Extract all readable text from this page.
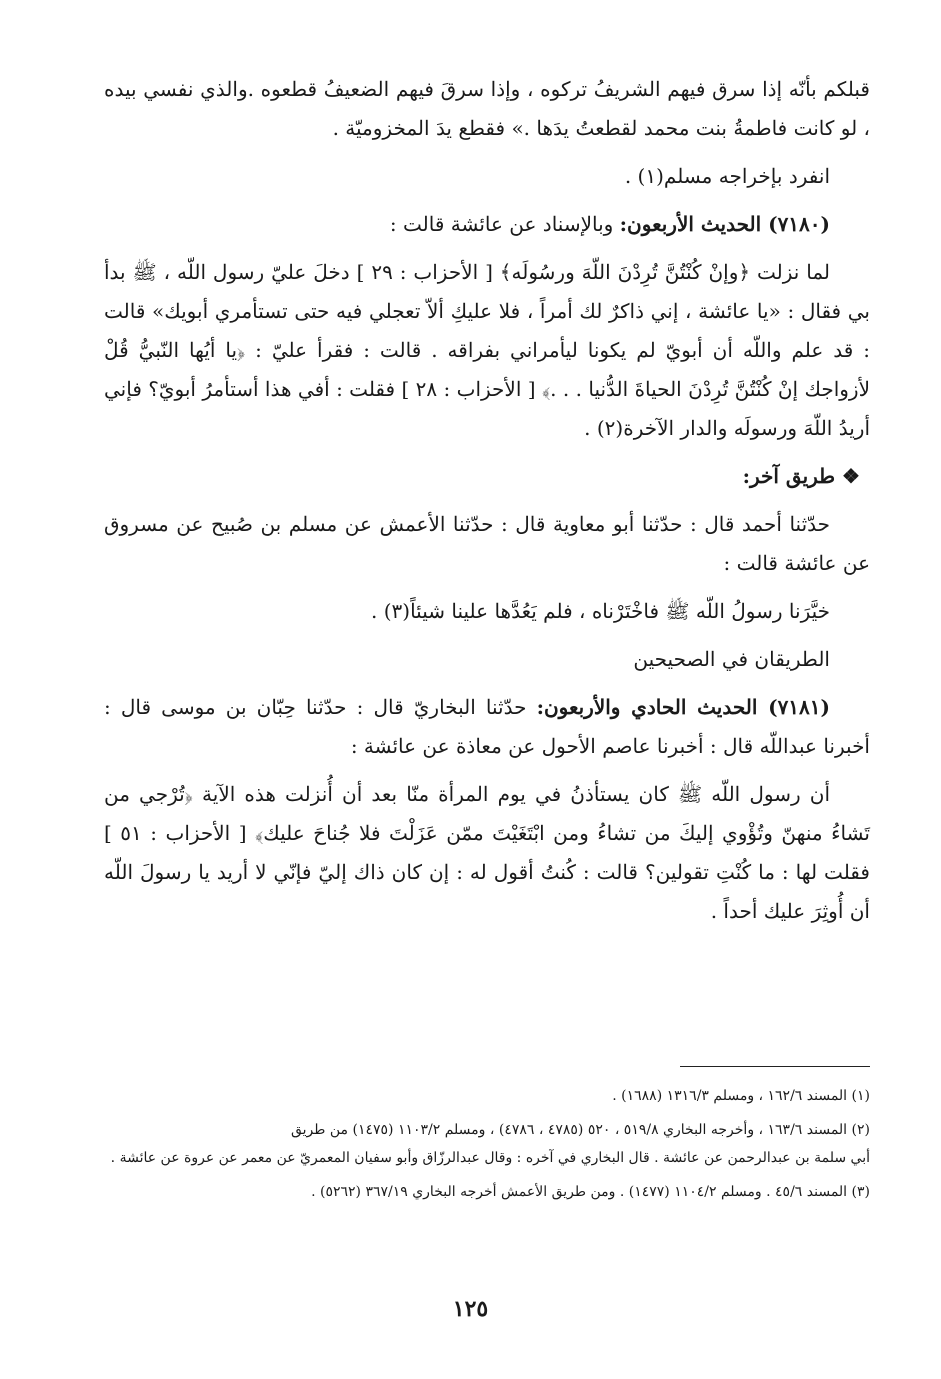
قبلكم بأنّه إذا سرق فيهم الشريفُ تركوه ، وإذا سرقَ فيهم الضعيفُ قطعوه .والذي نفسي بيده ، لو كانت فاطمةُ بنت محمد لقطعتُ يدَها .» فقطع يدَ المخزوميّة .

انفرد بإخراجه مسلم(١) .

(٧١٨٠) الحديث الأربعون: وبالإسناد عن عائشة قالت :

لما نزلت ﴿وإنْ كُنْتُنَّ تُرِدْنَ اللّهَ ورسُولَه﴾ [ الأحزاب : ٢٩ ] دخلَ عليّ رسول اللّه ، ﷺ بدأ بي فقال : «يا عائشة ، إني ذاكرٌ لك أمراً ، فلا عليكِ ألاّ تعجلي فيه حتى تستأمري أبويك» قالت : قد علم واللّه أن أبويّ لم يكونا ليأمراني بفراقه . قالت : فقرأ عليّ : ﴿يا أيُها النّبيُّ قُلْ لأزواجك إنْ كُنْتُنَّ تُرِدْنَ الحياةَ الدُّنيا . . .﴾ [ الأحزاب : ٢٨ ] فقلت : أفي هذا أستأمرُ أبويّ؟ فإني أريدُ اللّهَ ورسولَه والدار الآخرة(٢) .

❖ طريق آخر:

حدّثنا أحمد قال : حدّثنا أبو معاوية قال : حدّثنا الأعمش عن مسلم بن صُبيح عن مسروق عن عائشة قالت :

خيَّرَنا رسولُ اللّه ﷺ فاخْتَرْناه ، فلم يَعُدَّها علينا شيئاً(٣) .

الطريقان في الصحيحين

(٧١٨١) الحديث الحادي والأربعون: حدّثنا البخاريّ قال : حدّثنا حِبّان بن موسى قال : أخبرنا عبداللّه قال : أخبرنا عاصم الأحول عن معاذة عن عائشة :

أن رسول اللّه ﷺ كان يستأذنُ في يوم المرأة منّا بعد أن أُنزلت هذه الآية ﴿تُرْجي من تَشاءُ منهنّ وتُؤْوي إليكَ من تشاءُ ومن ابْتَغَيْتَ ممّن عَزَلْتَ فلا جُناحَ عليك﴾ [ الأحزاب : ٥١ ] فقلت لها : ما كُنْتِ تقولين؟ قالت : كُنتُ أقول له : إن كان ذاك إليّ فإنّي لا أريد يا رسولَ اللّه أن أُوثِرَ عليك أحداً .

(١) المسند ١٦٢/٦ ، ومسلم ١٣١٦/٣ (١٦٨٨) .

(٢) المسند ١٦٣/٦ ، وأخرجه البخاري ٥١٩/٨ ، ٥٢٠ (٤٧٨٥ ، ٤٧٨٦) ، ومسلم ١١٠٣/٢ (١٤٧٥) من طريق
أبي سلمة بن عبدالرحمن عن عائشة . قال البخاري في آخره : وقال عبدالرزّاق وأبو سفيان المعمريّ عن معمر عن عروة عن عائشة .

(٣) المسند ٤٥/٦ . ومسلم ١١٠٤/٢ (١٤٧٧) . ومن طريق الأعمش أخرجه البخاري ٣٦٧/١٩ (٥٢٦٢) .

١٢٥
